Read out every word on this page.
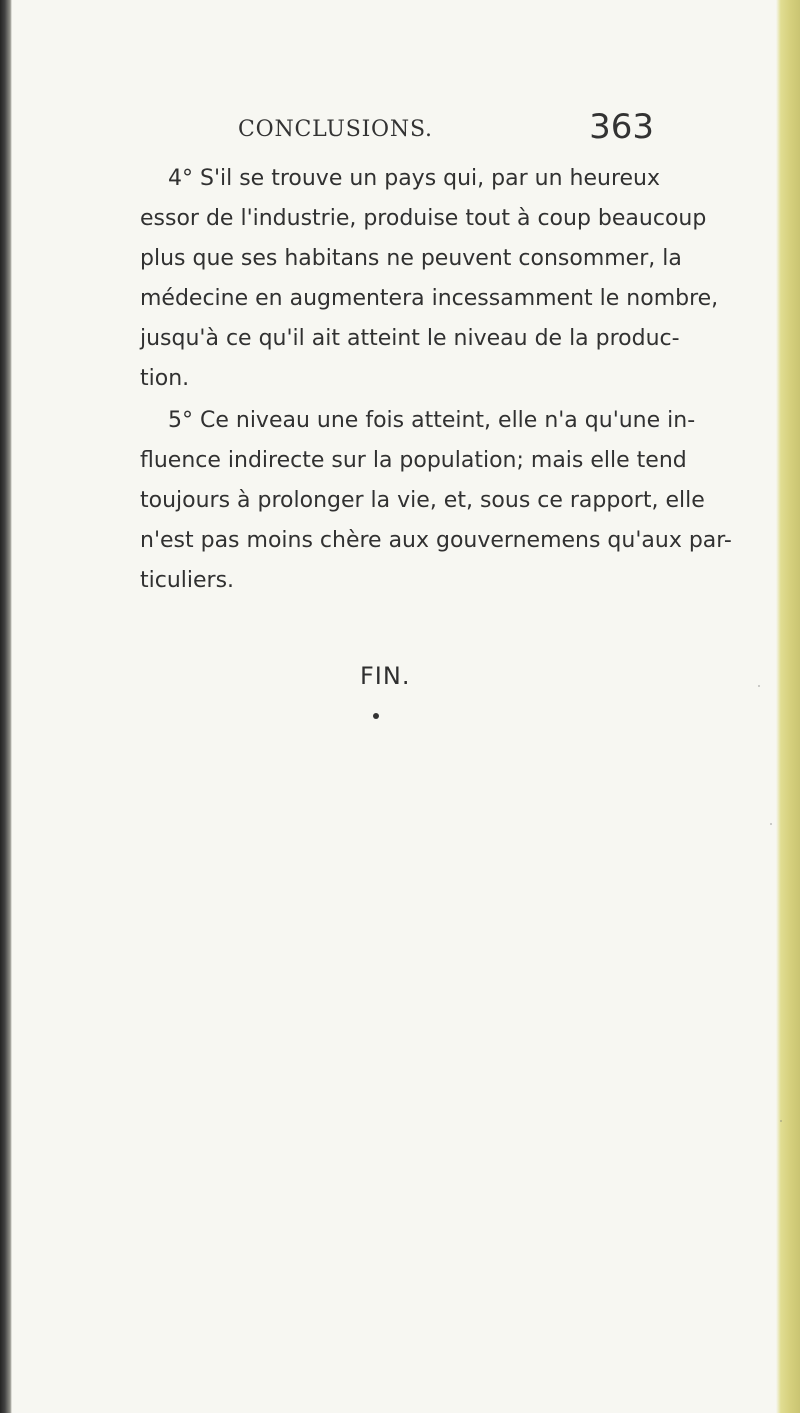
CONCLUSIONS.	363
4° S'il se trouve un pays qui, par un heureux
essor de l'industrie, produise tout à coup beaucoup
plus que ses habitans ne peuvent consommer, la
médecine en augmentera incessamment le nombre,
jusqu'à ce qu'il ait atteint le niveau de la produc-
tion.
5° Ce niveau une fois atteint, elle n'a qu'une in-
fluence indirecte sur la population; mais elle tend
toujours à prolonger la vie, et, sous ce rapport, elle
n'est pas moins chère aux gouvernemens qu'aux par-
ticuliers.
FIN.
